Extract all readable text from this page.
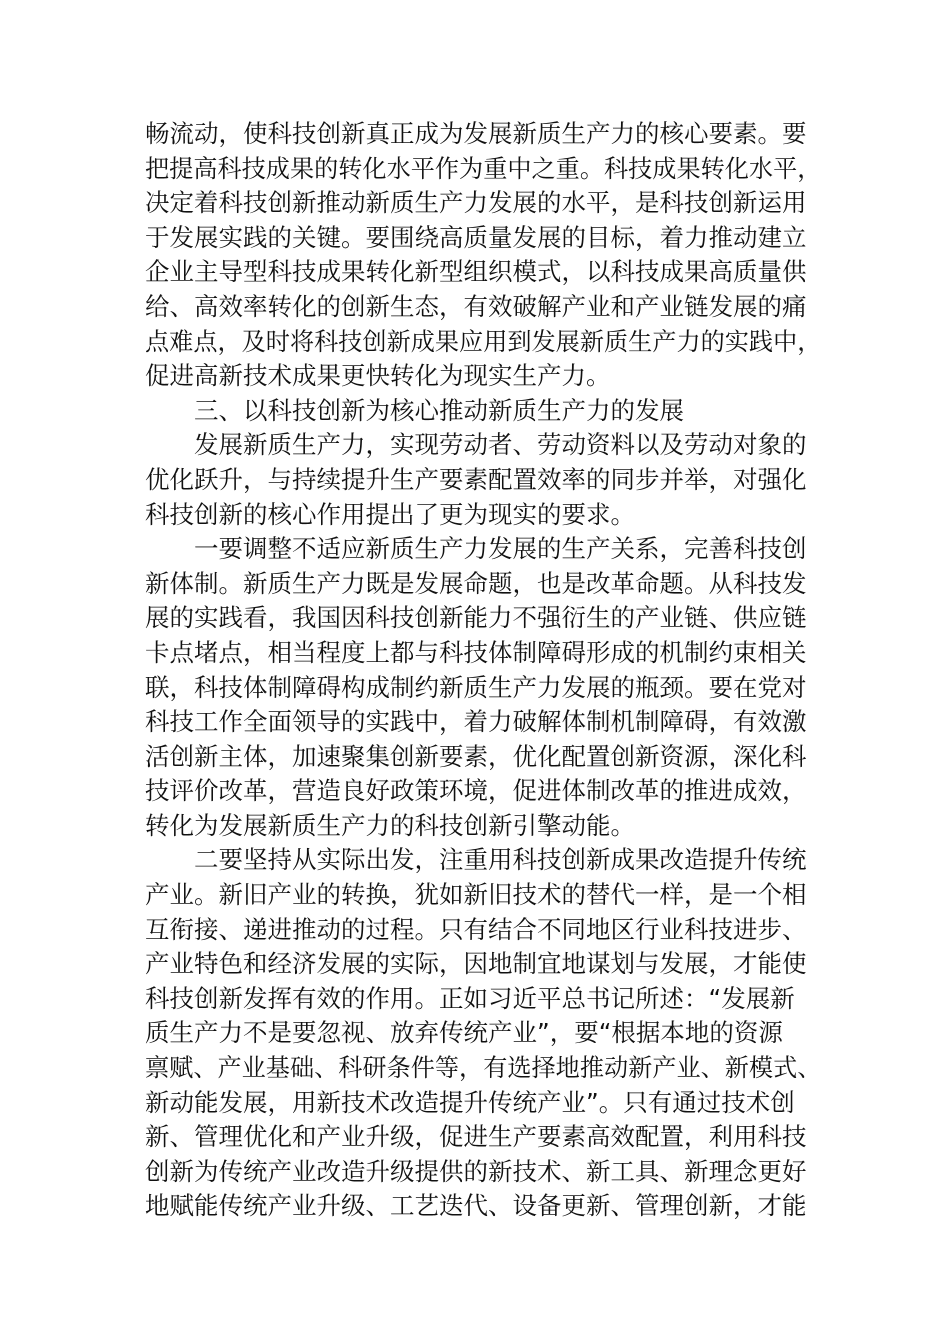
畅流动，使科技创新真正成为发展新质生产力的核心要素。要
把提高科技成果的转化水平作为重中之重。科技成果转化水平，
决定着科技创新推动新质生产力发展的水平，是科技创新运用
于发展实践的关键。要围绕高质量发展的目标，着力推动建立
企业主导型科技成果转化新型组织模式，以科技成果高质量供
给、高效率转化的创新生态，有效破解产业和产业链发展的痛
点难点，及时将科技创新成果应用到发展新质生产力的实践中，
促进高新技术成果更快转化为现实生产力。
三、以科技创新为核心推动新质生产力的发展
发展新质生产力，实现劳动者、劳动资料以及劳动对象的
优化跃升，与持续提升生产要素配置效率的同步并举，对强化
科技创新的核心作用提出了更为现实的要求。
一要调整不适应新质生产力发展的生产关系，完善科技创
新体制。新质生产力既是发展命题，也是改革命题。从科技发
展的实践看，我国因科技创新能力不强衍生的产业链、供应链
卡点堵点，相当程度上都与科技体制障碍形成的机制约束相关
联，科技体制障碍构成制约新质生产力发展的瓶颈。要在党对
科技工作全面领导的实践中，着力破解体制机制障碍，有效激
活创新主体，加速聚集创新要素，优化配置创新资源，深化科
技评价改革，营造良好政策环境，促进体制改革的推进成效，
转化为发展新质生产力的科技创新引擎动能。
二要坚持从实际出发，注重用科技创新成果改造提升传统
产业。新旧产业的转换，犹如新旧技术的替代一样，是一个相
互衔接、递进推动的过程。只有结合不同地区行业科技进步、
产业特色和经济发展的实际，因地制宜地谋划与发展，才能使
科技创新发挥有效的作用。正如习近平总书记所述：“发展新
质生产力不是要忽视、放弃传统产业”，要“根据本地的资源
禀赋、产业基础、科研条件等，有选择地推动新产业、新模式、
新动能发展，用新技术改造提升传统产业”。只有通过技术创
新、管理优化和产业升级，促进生产要素高效配置，利用科技
创新为传统产业改造升级提供的新技术、新工具、新理念更好
地赋能传统产业升级、工艺迭代、设备更新、管理创新，才能
